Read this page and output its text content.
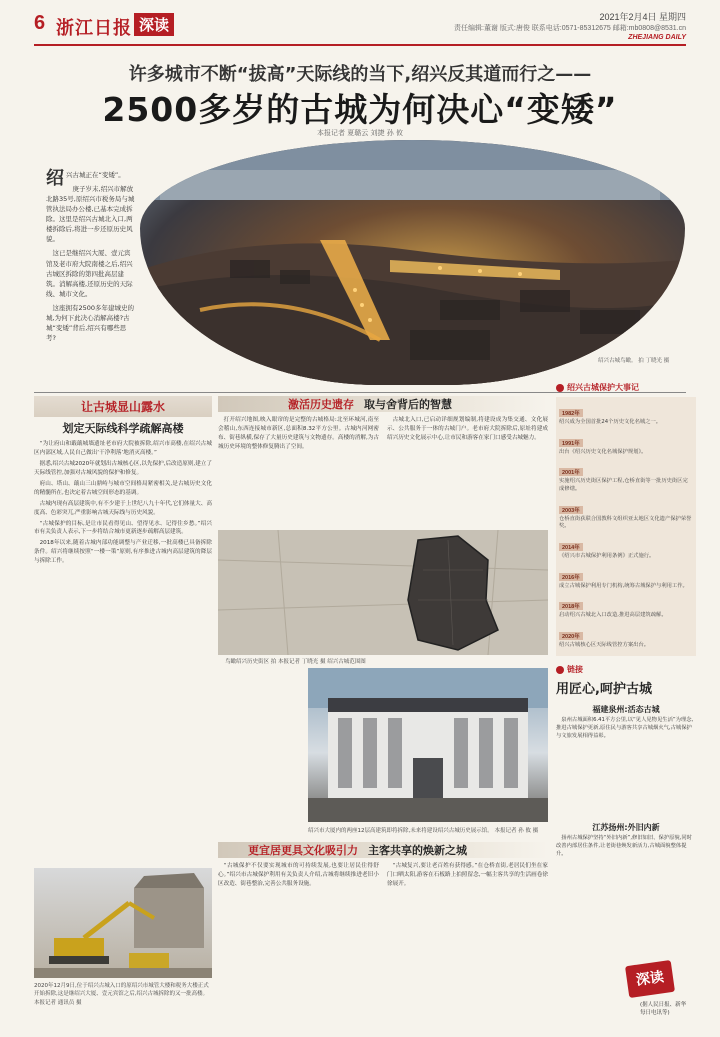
6 浙江日报 深读	2021年2月4日 星期四
责任编辑:董谢 版式:唐俊 联系电话:0571-85312675 邮箱:mb0808@8531.cn
ZHEJIANG DAILY
许多城市不断“拔高”天际线的当下,绍兴反其道而行之——
2500多岁的古城为何决心“变矮”
本报记者 夏璐云 刘捷 孙 攸

绍兴古城正在“变矮”。

庚子岁末,绍兴市解放北路35号,原绍兴市税务局与城管执法局办公楼,已基本完成拆除。这里是绍兴古城北入口,两楼拆除后,将进一步还原历史风貌。

这已是继绍兴大厦、壹元宾馆及老市府大院南楼之后,绍兴古城区拆除的第四批高层建筑。消解高楼,还原历史的天际线、城市文化。

这座拥有2500多年建城史的城,为何下此决心消解高楼?古城“变矮”背后,绍兴有哪些思考?

绍兴古城鸟瞰。 拍 丁晓光 摄
让古城显山露水
划定天际线科学疏解高楼

“为让府山和蕺蕺城墙遗址老市府大院被拆除,绍兴市高楼,在绍兴古城区内部区域,人民自己做出‘干净利落’地消灭高楼。”

据悉,绍兴古城2020年就划出古城核心区,以先保护,后改造原则,建立了天际线管控,加强对古城风貌的保护和修复。

府山、塔山、蕺山三山鼎峙与城市空间格局紧密相关,是古城历史文化的精髓所在,也决定着古城空间形态的基调。

古城内现有高层建筑中,有不少建于上世纪八九十年代,它们体量大、高度高、色彩突兀,严重影响古城天际线与历史风貌。

“古城保护的目标,是让市民看得见山、望得见水、记得住乡愁。”绍兴市有关负责人表示,下一步将结合城市更新逐步疏解高层建筑。

2018年以来,随着古城内部功能调整与产业迁移,一批高楼已具备拆除条件。绍兴将继续按照“一楼一策”原则,有序推进古城内高层建筑的降层与拆除工作。

2020年12月9日,位于绍兴古城入口的原绍兴市城管大楼和税务大楼正式开始拆除,这是继绍兴大厦、壹元宾馆之后,绍兴古城拆除的又一批高楼。 本报记者 通讯员 摄
激活历史遗存 取与舍背后的智慧

打开绍兴地图,映入眼帘的是完整的古城格局:北至环城河,南至会稽山,东西连接城市新区,总面积8.32平方公里。古城内河网密布、街巷纵横,保存了大量历史建筑与文物遗存。高楼的消解,为古城历史环境的整体修复腾出了空间。

古城北入口,已启动详细规划编制,将建设成为集交通、文化展示、公共服务于一体的古城门户。老市府大院拆除后,原址将建成绍兴历史文化展示中心,让市民和游客在家门口感受古城魅力。

鸟瞰绍兴历史街区 拍 本报记者 丁晓光 摄 绍兴古城范围图
绍兴市大厦内的两座12层高建筑即将拆除,未来将建设绍兴古城历史展示馆。 本报记者 孙 攸 摄
更宜居更具文化吸引力 主客共享的焕新之城

“古城保护不仅要实现城市的可持续发展,也要让居民住得舒心。”绍兴市古城保护利用有关负责人介绍,古城将继续推进老旧小区改造、街巷整治,完善公共服务设施。

“古城复兴,要让老百姓有获得感。”在仓桥直街,老居民们坐在家门口晒太阳,游客在石板路上拍照留念,一幅主客共享的生活画卷徐徐展开。

绍兴古城保护大事记
1982年
绍兴成为全国首批24个历史文化名城之一。
1991年
出台《绍兴历史文化名城保护规划》。
2001年
实施绍兴历史街区保护工程,仓桥直街等一批历史街区完成修缮。
2003年
仓桥直街获联合国教科文组织亚太地区文化遗产保护荣誉奖。
2014年
《绍兴市古城保护利用条例》正式施行。
2016年
成立古城保护利用专门机构,统筹古城保护与利用工作。
2018年
启动绍兴古城北入口改造,推进高层建筑疏解。
2020年
绍兴古城核心区天际线管控方案出台。
链接
用匠心,呵护古城
福建泉州:活态古城

泉州古城面积6.41平方公里,以“见人见物见生活”为理念,推进古城保护更新,原住民与游客共享古城烟火气,古城保护与文旅发展相得益彰。

江苏扬州:外旧内新

扬州古城保护坚持“外旧内新”,修旧如旧、保护原貌,同时改善内部居住条件,让老街巷焕发新活力,古城面貌整体提升。

深读
(据人民日报、新华每日电讯等)
